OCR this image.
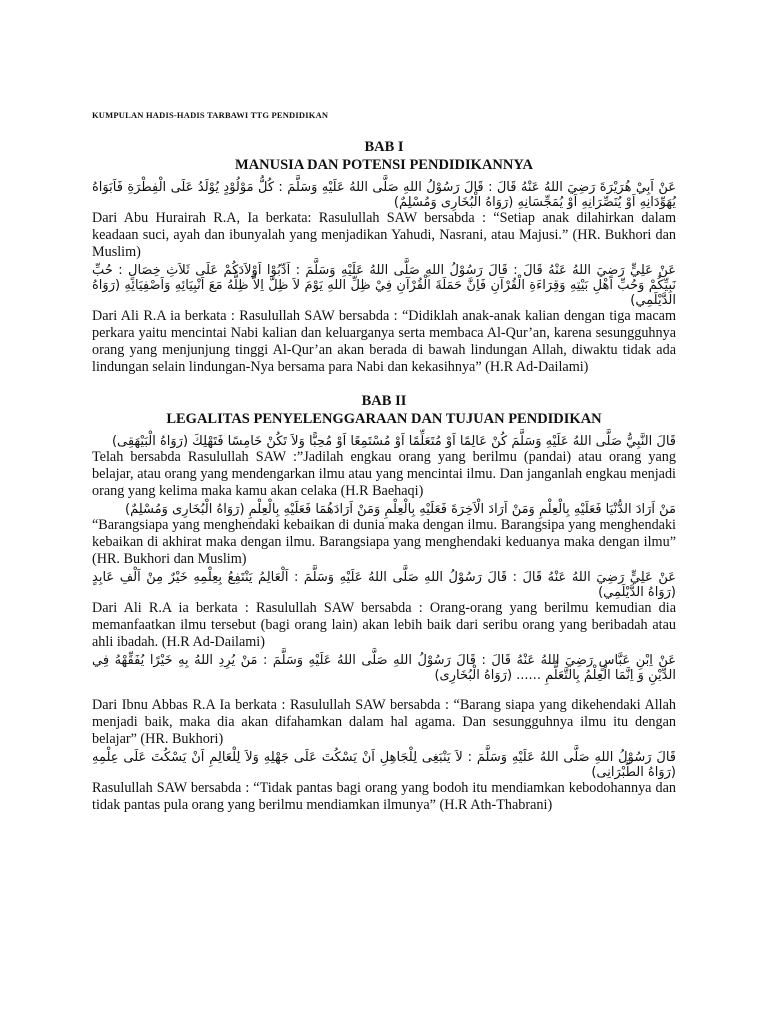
KUMPULAN HADIS-HADIS TARBAWI TTG PENDIDIKAN
BAB I
MANUSIA DAN POTENSI PENDIDIKANNYA

عَنْ اَبِيْ هُرَيْرَةَ رَضِيَ اللهُ عَنْهُ قَالَ : قَالَ رَسُوْلُ اللهِ صَلَّى اللهُ عَلَيْهِ وَسَلَّمَ : كُلُّ مَوْلُوْدٍ يُوْلَدُ عَلَى الْفِطْرَةِ فَاَبَوَاهُ يُهَوِّدَانِهِ اَوْ يُنَصِّرَانِهِ اَوْ يُمَجِّسَانِهِ (رَوَاهُ الْبُخَارِى وَمُسْلِمٌ)

Dari Abu Hurairah R.A, Ia berkata: Rasulullah SAW bersabda : “Setiap anak dilahirkan dalam keadaan suci, ayah dan ibunyalah yang menjadikan Yahudi, Nasrani, atau Majusi.” (HR. Bukhori dan Muslim)

عَنْ عَلِيٍّ رَضِيَ اللهُ عَنْهُ قَالَ : قَالَ رَسُوْلُ اللهِ صَلَّى اللهُ عَلَيْهِ وَسَلَّمَ : اَدِّبُوْا اَوْلاَدَكُمْ عَلَى ثَلاَثِ خِصَالٍ : حُبِّ نَبِيِّكُمْ وَحُبِّ اَهْلِ بَيْتِهِ وَقِرَاءَةِ الْقُرْآنِ فَاِنَّ حَمَلَةَ الْقُرْآنِ فِيْ ظِلِّ اللهِ يَوْمَ لاَ ظِلَّ اِلاَّ ظِلُّهُ مَعَ اَنْبِيَائِهِ وَاَصْفِيَائِهِ (رَوَاهُ الدَّيْلَمِي)

Dari Ali R.A ia berkata : Rasulullah SAW bersabda : “Didiklah anak-anak kalian dengan tiga macam perkara yaitu mencintai Nabi kalian dan keluarganya serta membaca Al-Qur’an, karena sesungguhnya orang yang menjunjung tinggi Al-Qur’an akan berada di bawah lindungan Allah, diwaktu tidak ada lindungan selain lindungan-Nya bersama para Nabi dan kekasihnya” (H.R Ad-Dailami)

BAB II
LEGALITAS PENYELENGGARAAN DAN TUJUAN PENDIDIKAN

قَالَ النَّبِيُّ صَلَّى اللهُ عَلَيْهِ وَسَلَّمَ كُنْ عَالِمًا اَوْ مُتَعَلِّمًا اَوْ مُسْتَمِعًا اَوْ مُحِبًّا وَلاَ تَكُنْ خَامِسًا فَتَهْلِكَ (رَوَاهُ الْبَيْهَقِى)

Telah bersabda Rasulullah SAW :”Jadilah engkau orang yang berilmu (pandai) atau orang yang belajar, atau orang yang mendengarkan ilmu atau yang mencintai ilmu. Dan janganlah engkau menjadi orang yang kelima maka kamu akan celaka (H.R Baehaqi)

مَنْ اَرَادَ الدُّنْيَا فَعَلَيْهِ بِالْعِلْمِ وَمَنْ اَرَادَ الْاَخِرَةَ فَعَلَيْهِ بِالْعِلْمِ وَمَنْ اَرَادَهُمَا فَعَلَيْهِ بِالْعِلْمِ (رَوَاهُ الْبُخَارِى وَمُسْلِمٌ)

“Barangsiapa yang menghendaki kebaikan di dunia maka dengan ilmu. Barangsipa yang menghendaki kebaikan di akhirat maka dengan ilmu. Barangsiapa yang menghendaki keduanya maka dengan ilmu” (HR. Bukhori dan Muslim)

عَنْ عَلِيٍّ رَضِيَ اللهُ عَنْهُ قَالَ : قَالَ رَسُوْلُ اللهِ صَلَّى اللهُ عَلَيْهِ وَسَلَّمَ : اَلْعَالِمُ يَنْتَفِعُ بِعِلْمِهِ خَيْرٌ مِنْ اَلْفِ عَابِدٍ (رَوَاهُ الدَّيْلَمِي)

Dari Ali R.A ia berkata : Rasulullah SAW bersabda : Orang-orang yang berilmu kemudian dia memanfaatkan ilmu tersebut (bagi orang lain) akan lebih baik dari seribu orang yang beribadah atau ahli ibadah. (H.R Ad-Dailami)

عَنْ اِبْنِ عَبَّاسٍ رَضِيَ اللهُ عَنْهُ قَالَ : قَالَ رَسُوْلُ اللهِ صَلَّى اللهُ عَلَيْهِ وَسَلَّمَ : مَنْ يُرِدِ اللهُ بِهِ خَيْرًا يُفَقِّهْهُ فِي الدِّيْنِ وَ اِنَّمَا الْعِلْمُ بِالتَّعَلُّمِ ...... (رَوَاهُ الْبُخَارِى)

Dari Ibnu Abbas R.A Ia berkata : Rasulullah SAW bersabda : “Barang siapa yang dikehendaki Allah menjadi baik, maka dia akan difahamkan dalam hal agama. Dan sesungguhnya ilmu itu dengan belajar” (HR. Bukhori)

قَالَ رَسُوْلُ اللهِ صَلَّى اللهُ عَلَيْهِ وَسَلَّمَ : لاَ يَنْبَغِى لِلْجَاهِلِ اَنْ يَسْكُتَ عَلَى جَهْلِهِ وَلاَ لِلْعَالِمِ اَنْ يَسْكُتَ عَلَى عِلْمِهِ (رَوَاهُ الطَّبْرَانِى)

Rasulullah SAW bersabda : “Tidak pantas bagi orang yang bodoh itu mendiamkan kebodohannya dan tidak pantas pula orang yang berilmu mendiamkan ilmunya” (H.R Ath-Thabrani)
